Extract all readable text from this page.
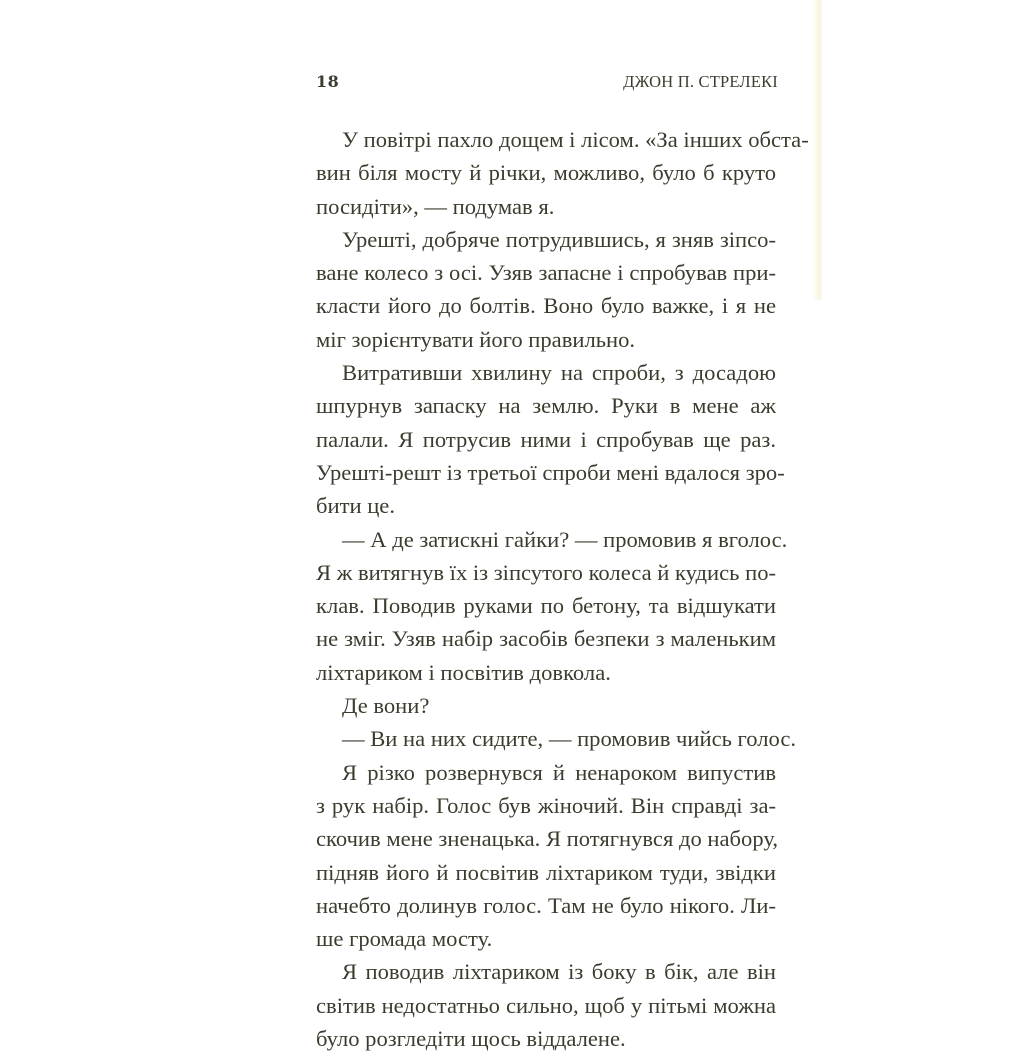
18	ДЖОН П. СТРЕЛЕКІ
У повітрі пахло дощем і лісом. «За інших обста-
вин біля мосту й річки, можливо, було б круто
посидіти», — подумав я.
Урешті, добряче потрудившись, я зняв зіпсо-
ване колесо з осі. Узяв запасне і спробував при-
класти його до болтів. Воно було важке, і я не
міг зорієнтувати його правильно.
Витративши хвилину на спроби, з досадою
шпурнув запаску на землю. Руки в мене аж
палали. Я потрусив ними і спробував ще раз.
Урешті-решт із третьої спроби мені вдалося зро-
бити це.
— А де затискні гайки? — промовив я вголос.
Я ж витягнув їх із зіпсутого колеса й кудись по-
клав. Поводив руками по бетону, та відшукати
не зміг. Узяв набір засобів безпеки з маленьким
ліхтариком і посвітив довкола.
Де вони?
— Ви на них сидите, — промовив чийсь голос.
Я різко розвернувся й ненароком випустив
з рук набір. Голос був жіночий. Він справді за-
скочив мене зненацька. Я потягнувся до набору,
підняв його й посвітив ліхтариком туди, звідки
начебто долинув голос. Там не було нікого. Ли-
ше громада мосту.
Я поводив ліхтариком із боку в бік, але він
світив недостатньо сильно, щоб у пітьмі можна
було розгледіти щось віддалене.
